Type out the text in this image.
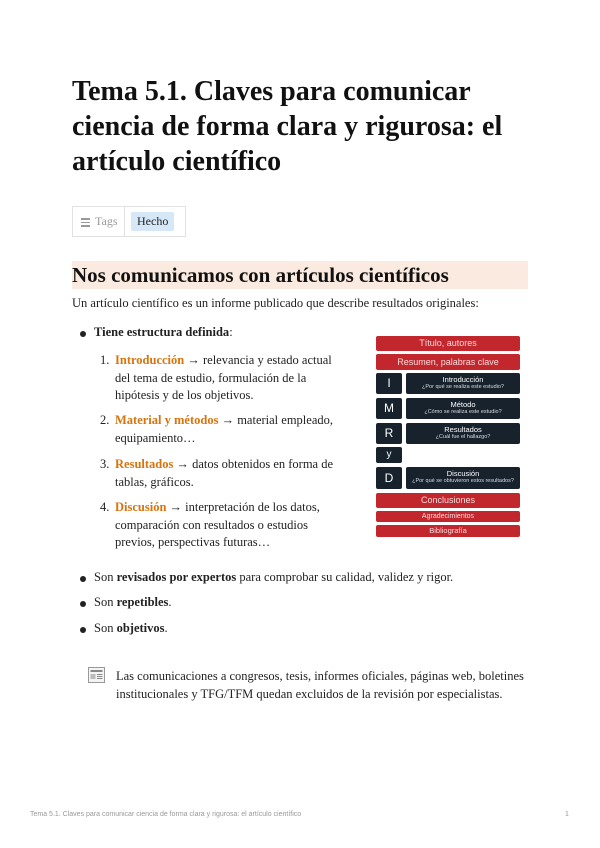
Tema 5.1. Claves para comunicar ciencia de forma clara y rigurosa: el artículo científico
Tags	Hecho
Nos comunicamos con artículos científicos

Un artículo científico es un informe publicado que describe resultados originales:

Tiene estructura definida:
1. Introducción → relevancia y estado actual del tema de estudio, formulación de la hipótesis y de los objetivos.
2. Material y métodos → material empleado, equipamiento…
3. Resultados → datos obtenidos en forma de tablas, gráficos.
4. Discusión → interpretación de los datos, comparación con resultados o estudios previos, perspectivas futuras…
Título, autores
Resumen, palabras clave
I	Introducción
¿Por qué se realiza este estudio?
M	Método
¿Cómo se realiza este estudio?
R	Resultados
¿Cuál fue el hallazgo?
y
D	Discusión
¿Por qué se obtuvieron estos resultados?
Conclusiones
Agradecimientos
Bibliografía
Son revisados por expertos para comprobar su calidad, validez y rigor.
Son repetibles.
Son objetivos.

Las comunicaciones a congresos, tesis, informes oficiales, páginas web, boletines institucionales y TFG/TFM quedan excluidos de la revisión por especialistas.

Tema 5.1. Claves para comunicar ciencia de forma clara y rigurosa: el artículo científico	1
